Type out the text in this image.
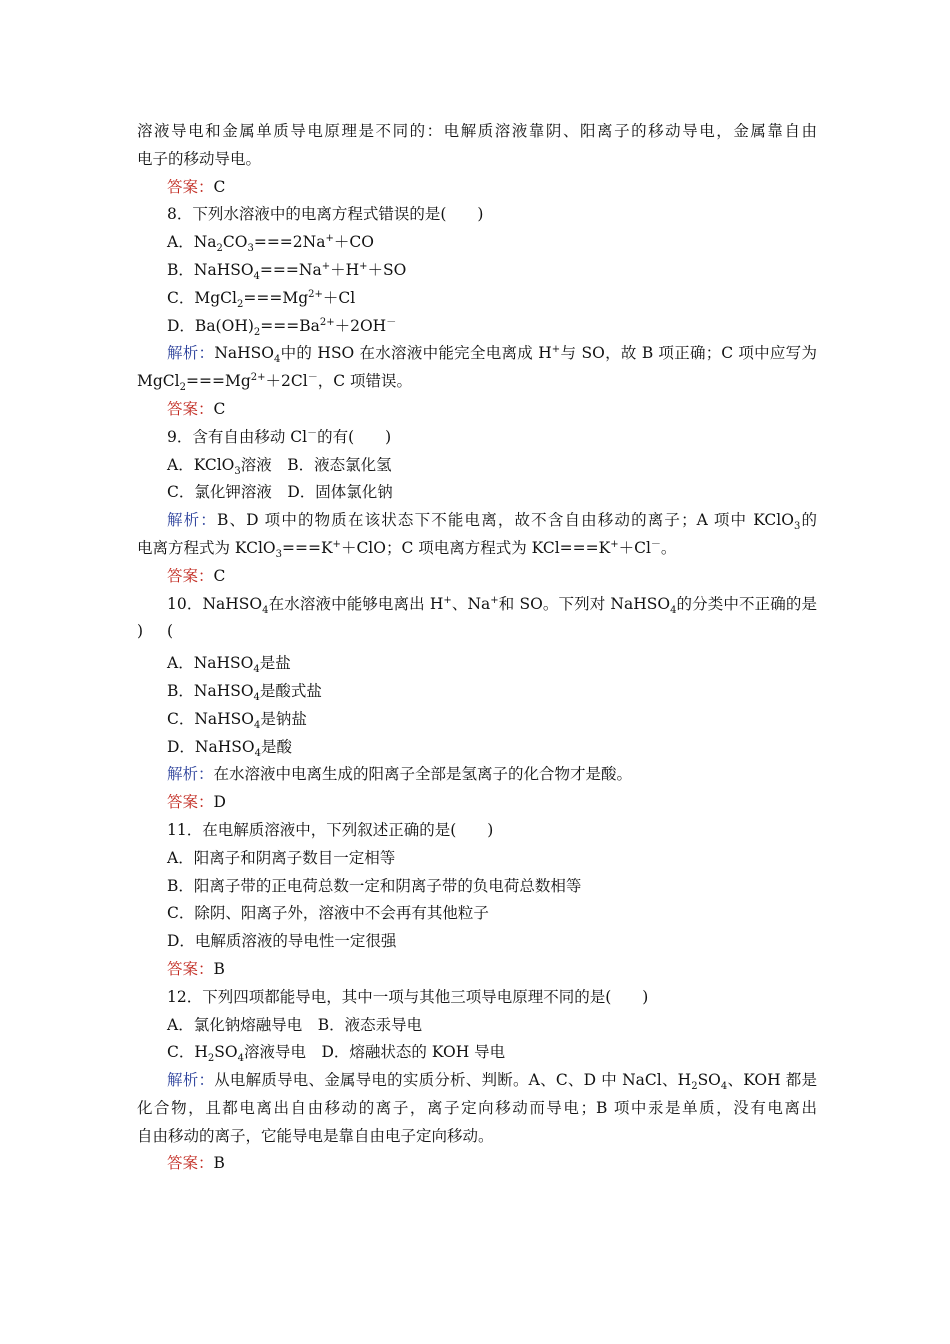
溶液导电和金属单质导电原理是不同的：电解质溶液靠阴、阳离子的移动导电，金属靠自由
电子的移动导电。
答案：C
8．下列水溶液中的电离方程式错误的是(　　)
A．$Na_2CO_3===2Na^++CO$
B．NaHSO$_4$===Na+＋H+＋SO
C．$MgCl_2===Mg^{2+}+Cl$
D．$Ba(OH)_2===Ba^{2+}+2OH^-$
解析：NaHSO$_4$中的 HSO 在水溶液中能完全电离成 H+与 SO，故 B 项正确；C 项中应写为
$MgCl_2===Mg^{2+}+2Cl^-$，C 项错误。
答案：C
9．含有自由移动 Cl－的有(　　)
A．KClO$_3$溶液　B．液态氯化氢
C．氯化钾溶液　D．固体氯化钠
解析：B、D 项中的物质在该状态下不能电离，故不含自由移动的离子；A 项中 KClO$_3$的
电离方程式为 KClO$_3$===K+＋ClO；C 项电离方程式为 KCl===K+＋Cl－。
答案：C
10．NaHSO$_4$在水溶液中能够电离出 H+、Na+和 SO。下列对 NaHSO$_4$的分类中不正确的是(
)
A．NaHSO$_4$是盐
B．NaHSO$_4$是酸式盐
C．NaHSO$_4$是钠盐
D．NaHSO$_4$是酸
解析：在水溶液中电离生成的阳离子全部是氢离子的化合物才是酸。
答案：D
11．在电解质溶液中，下列叙述正确的是(　　)
A．阳离子和阴离子数目一定相等
B．阳离子带的正电荷总数一定和阴离子带的负电荷总数相等
C．除阴、阳离子外，溶液中不会再有其他粒子
D．电解质溶液的导电性一定很强
答案：B
12．下列四项都能导电，其中一项与其他三项导电原理不同的是(　　)
A．氯化钠熔融导电　B．液态汞导电
C．$H_2SO_4$溶液导电　D．熔融状态的 KOH 导电
解析：从电解质导电、金属导电的实质分析、判断。A、C、D 中 NaCl、$H_2SO_4$、KOH 都是
化合物，且都电离出自由移动的离子，离子定向移动而导电；B 项中汞是单质，没有电离出
自由移动的离子，它能导电是靠自由电子定向移动。
答案：B
